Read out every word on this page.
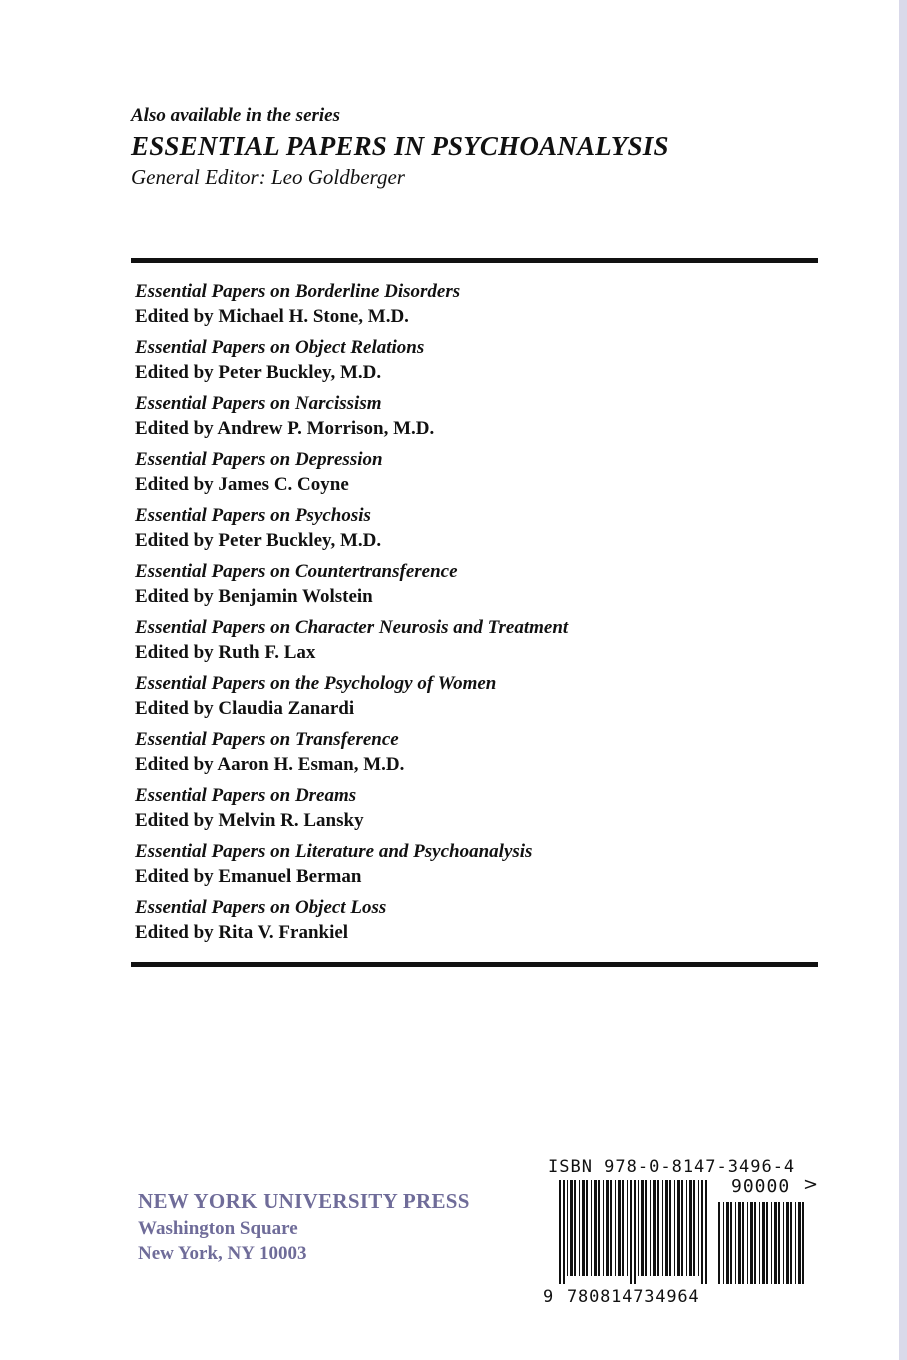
Also available in the series
ESSENTIAL PAPERS IN PSYCHOANALYSIS
General Editor: Leo Goldberger
Essential Papers on Borderline Disorders
Edited by Michael H. Stone, M.D.
Essential Papers on Object Relations
Edited by Peter Buckley, M.D.
Essential Papers on Narcissism
Edited by Andrew P. Morrison, M.D.
Essential Papers on Depression
Edited by James C. Coyne
Essential Papers on Psychosis
Edited by Peter Buckley, M.D.
Essential Papers on Countertransference
Edited by Benjamin Wolstein
Essential Papers on Character Neurosis and Treatment
Edited by Ruth F. Lax
Essential Papers on the Psychology of Women
Edited by Claudia Zanardi
Essential Papers on Transference
Edited by Aaron H. Esman, M.D.
Essential Papers on Dreams
Edited by Melvin R. Lansky
Essential Papers on Literature and Psychoanalysis
Edited by Emanuel Berman
Essential Papers on Object Loss
Edited by Rita V. Frankiel
NEW YORK UNIVERSITY PRESS
Washington Square
New York, NY 10003
ISBN 978-0-8147-3496-4
90000 >
9 780814734964
